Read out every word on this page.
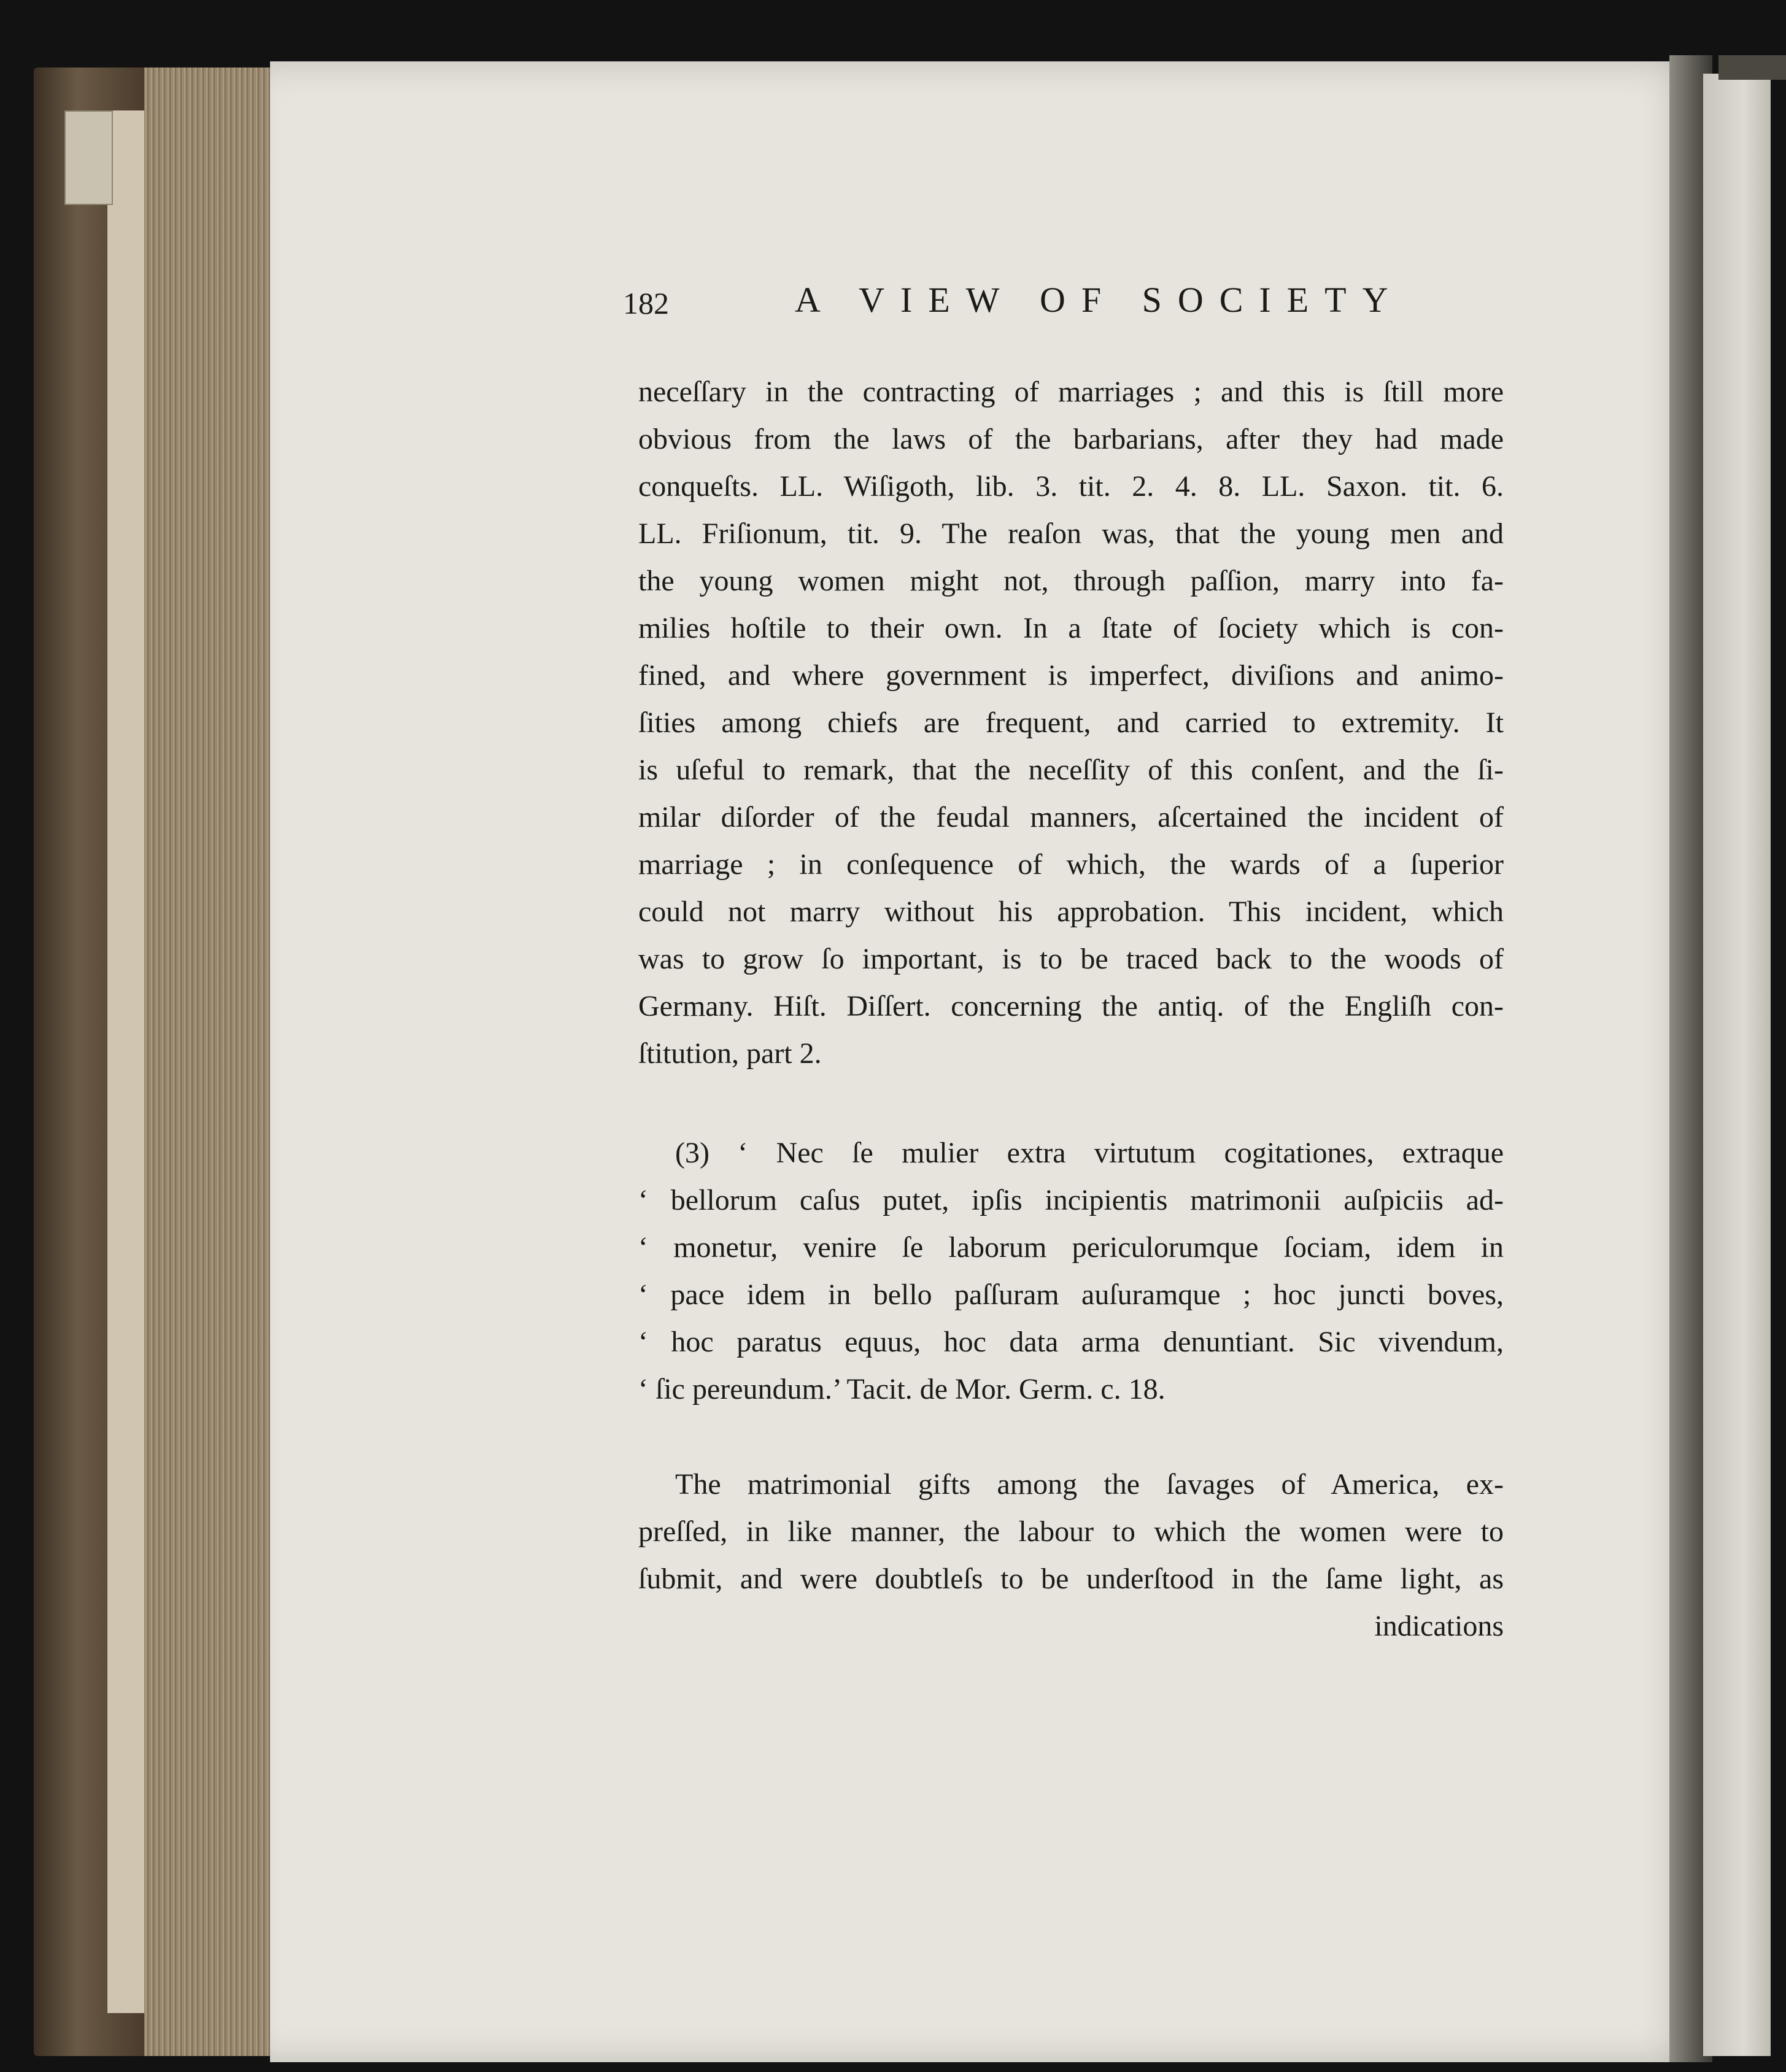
182	A VIEW OF SOCIETY
neceſſary in the contracting of marriages ; and this is ſtill more
obvious from the laws of the barbarians, after they had made
conqueſts. LL. Wiſigoth, lib. 3. tit. 2. 4. 8. LL. Saxon. tit. 6.
LL. Friſionum, tit. 9. The reaſon was, that the young men and
the young women might not, through paſſion, marry into fa-
milies hoſtile to their own. In a ſtate of ſociety which is con-
fined, and where government is imperfect, diviſions and animo-
ſities among chiefs are frequent, and carried to extremity. It
is uſeful to remark, that the neceſſity of this conſent, and the ſi-
milar diſorder of the feudal manners, aſcertained the incident of
marriage ; in conſequence of which, the wards of a ſuperior
could not marry without his approbation. This incident, which
was to grow ſo important, is to be traced back to the woods of
Germany. Hiſt. Diſſert. concerning the antiq. of the Engliſh con-
ſtitution, part 2.
(3) ‘ Nec ſe mulier extra virtutum cogitationes, extraque
‘ bellorum caſus putet, ipſis incipientis matrimonii auſpiciis ad-
‘ monetur, venire ſe laborum periculorumque ſociam, idem in
‘ pace idem in bello paſſuram auſuramque ; hoc juncti boves,
‘ hoc paratus equus, hoc data arma denuntiant. Sic vivendum,
‘ ſic pereundum.’ Tacit. de Mor. Germ. c. 18.
The matrimonial gifts among the ſavages of America, ex-
preſſed, in like manner, the labour to which the women were to
ſubmit, and were doubtleſs to be underſtood in the ſame light, as
indications
